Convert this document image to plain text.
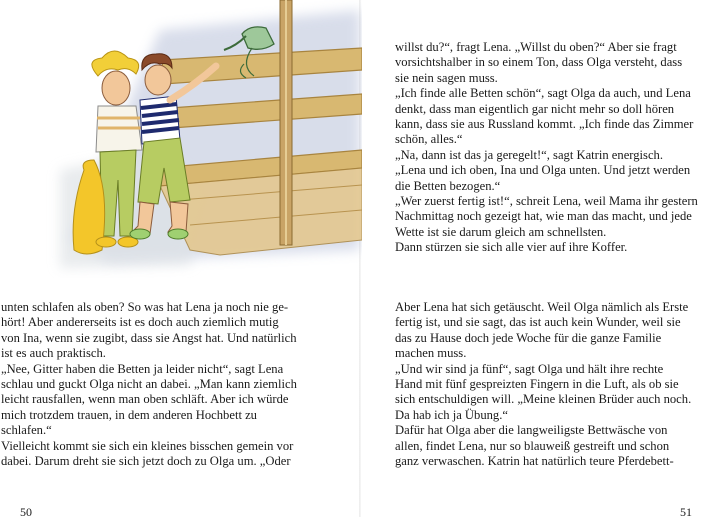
unten schlafen als oben? So was hat Lena ja noch nie ge-

hört! Aber andererseits ist es doch auch ziemlich mutig

von Ina, wenn sie zugibt, dass sie Angst hat. Und natürlich

ist es auch praktisch.

„Nee, Gitter haben die Betten ja leider nicht“, sagt Lena

schlau und guckt Olga nicht an dabei. „Man kann ziemlich

leicht rausfallen, wenn man oben schläft. Aber ich würde

mich trotzdem trauen, in dem anderen Hochbett zu

schlafen.“

Vielleicht kommt sie sich ein kleines bisschen gemein vor

dabei. Darum dreht sie sich jetzt doch zu Olga um. „Oder

willst du?“, fragt Lena. „Willst du oben?“ Aber sie fragt

vorsichtshalber in so einem Ton, dass Olga versteht, dass

sie nein sagen muss.

„Ich finde alle Betten schön“, sagt Olga da auch, und Lena

denkt, dass man eigentlich gar nicht mehr so doll hören

kann, dass sie aus Russland kommt. „Ich finde das Zimmer

schön, alles.“

„Na, dann ist das ja geregelt!“, sagt Katrin energisch.

„Lena und ich oben, Ina und Olga unten. Und jetzt werden

die Betten bezogen.“

„Wer zuerst fertig ist!“, schreit Lena, weil Mama ihr gestern

Nachmittag noch gezeigt hat, wie man das macht, und jede

Wette ist sie darum gleich am schnellsten.

Dann stürzen sie sich alle vier auf ihre Koffer.

Aber Lena hat sich getäuscht. Weil Olga nämlich als Erste

fertig ist, und sie sagt, das ist auch kein Wunder, weil sie

das zu Hause doch jede Woche für die ganze Familie

machen muss.

„Und wir sind ja fünf“, sagt Olga und hält ihre rechte

Hand mit fünf gespreizten Fingern in die Luft, als ob sie

sich entschuldigen will. „Meine kleinen Brüder auch noch.

Da hab ich ja Übung.“

Dafür hat Olga aber die langweiligste Bettwäsche von

allen, findet Lena, nur so blauweiß gestreift und schon

ganz verwaschen. Katrin hat natürlich teure Pferdebett-

50	51
